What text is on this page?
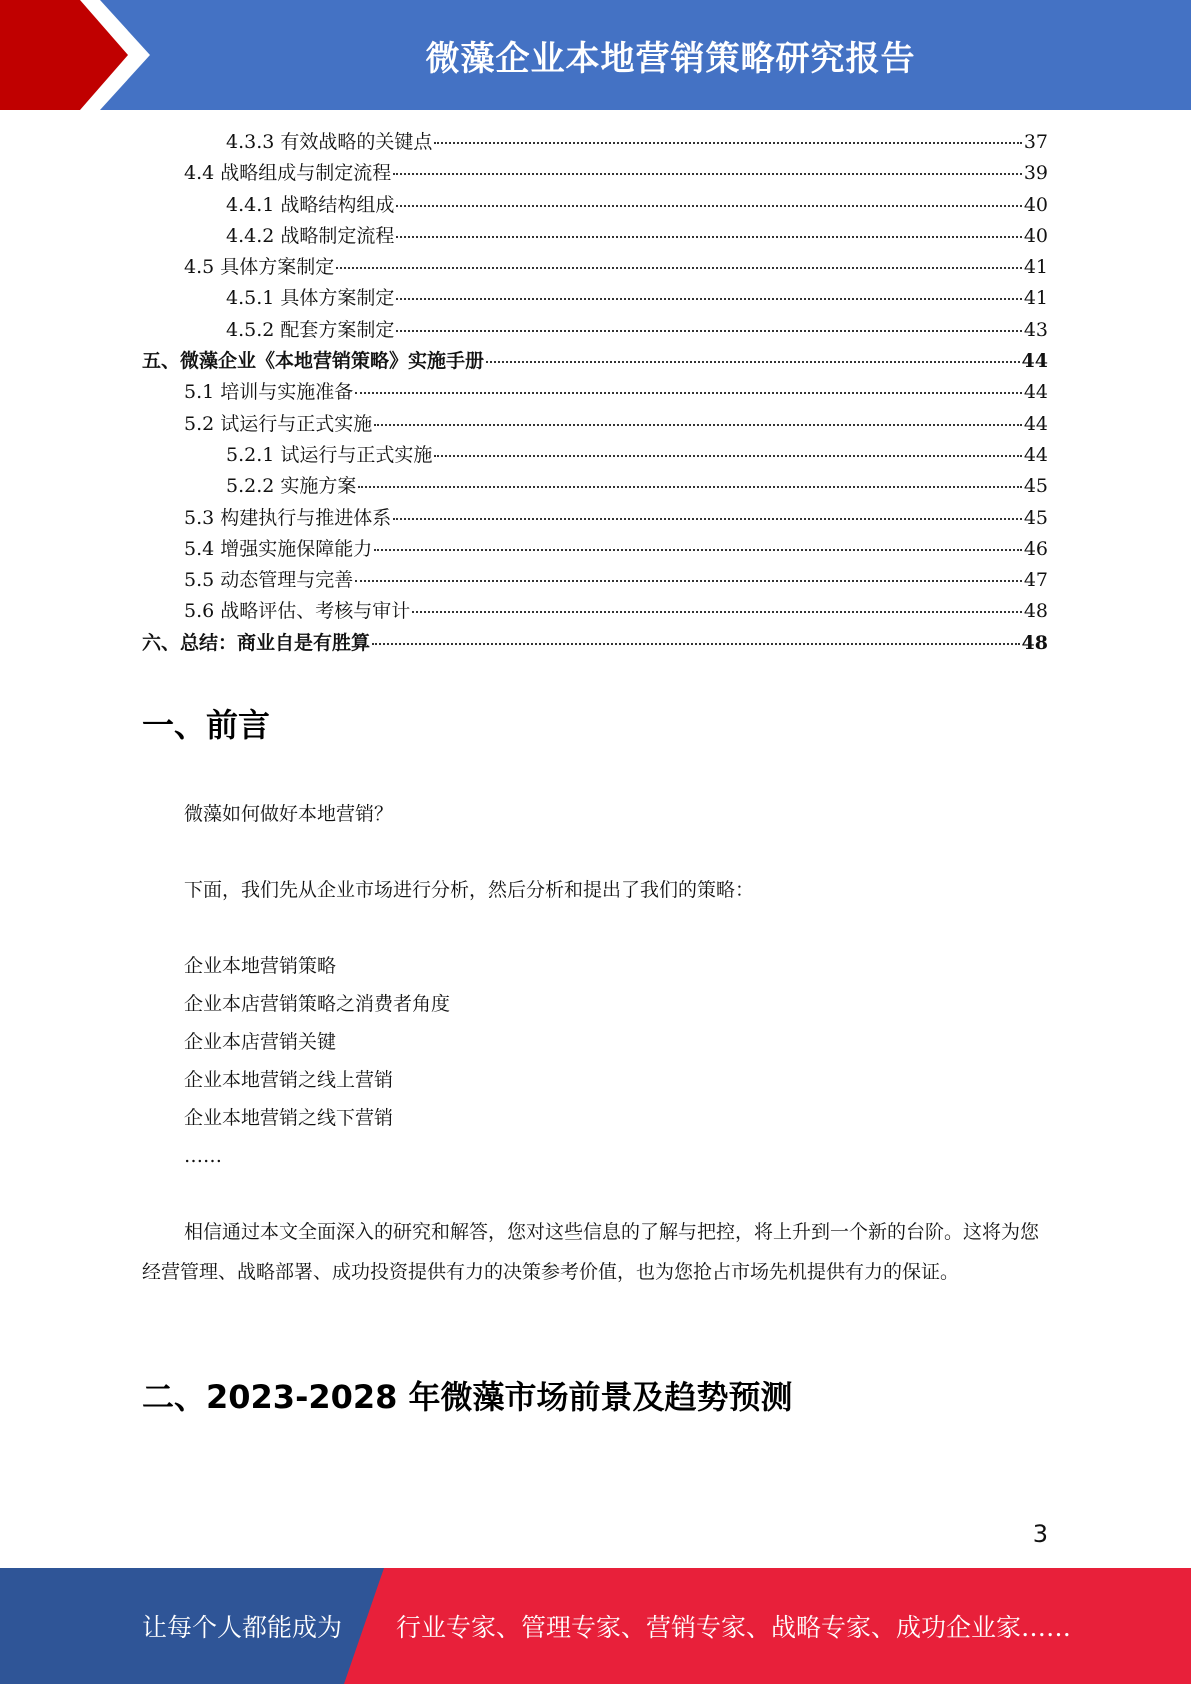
微藻企业本地营销策略研究报告
4.3.3 有效战略的关键点	37
4.4 战略组成与制定流程	39
4.4.1 战略结构组成	40
4.4.2 战略制定流程	40
4.5 具体方案制定	41
4.5.1 具体方案制定	41
4.5.2 配套方案制定	43
五、微藻企业《本地营销策略》实施手册	44
5.1 培训与实施准备	44
5.2 试运行与正式实施	44
5.2.1 试运行与正式实施	44
5.2.2 实施方案	45
5.3 构建执行与推进体系	45
5.4 增强实施保障能力	46
5.5 动态管理与完善	47
5.6 战略评估、考核与审计	48
六、总结：商业自是有胜算	48
一、前言
微藻如何做好本地营销？
下面，我们先从企业市场进行分析，然后分析和提出了我们的策略：
企业本地营销策略
企业本店营销策略之消费者角度
企业本店营销关键
企业本地营销之线上营销
企业本地营销之线下营销
……
相信通过本文全面深入的研究和解答，您对这些信息的了解与把控，将上升到一个新的台阶。这将为您经营管理、战略部署、成功投资提供有力的决策参考价值，也为您抢占市场先机提供有力的保证。
二、2023-2028 年微藻市场前景及趋势预测
3
让每个人都能成为 行业专家、管理专家、营销专家、战略专家、成功企业家……
